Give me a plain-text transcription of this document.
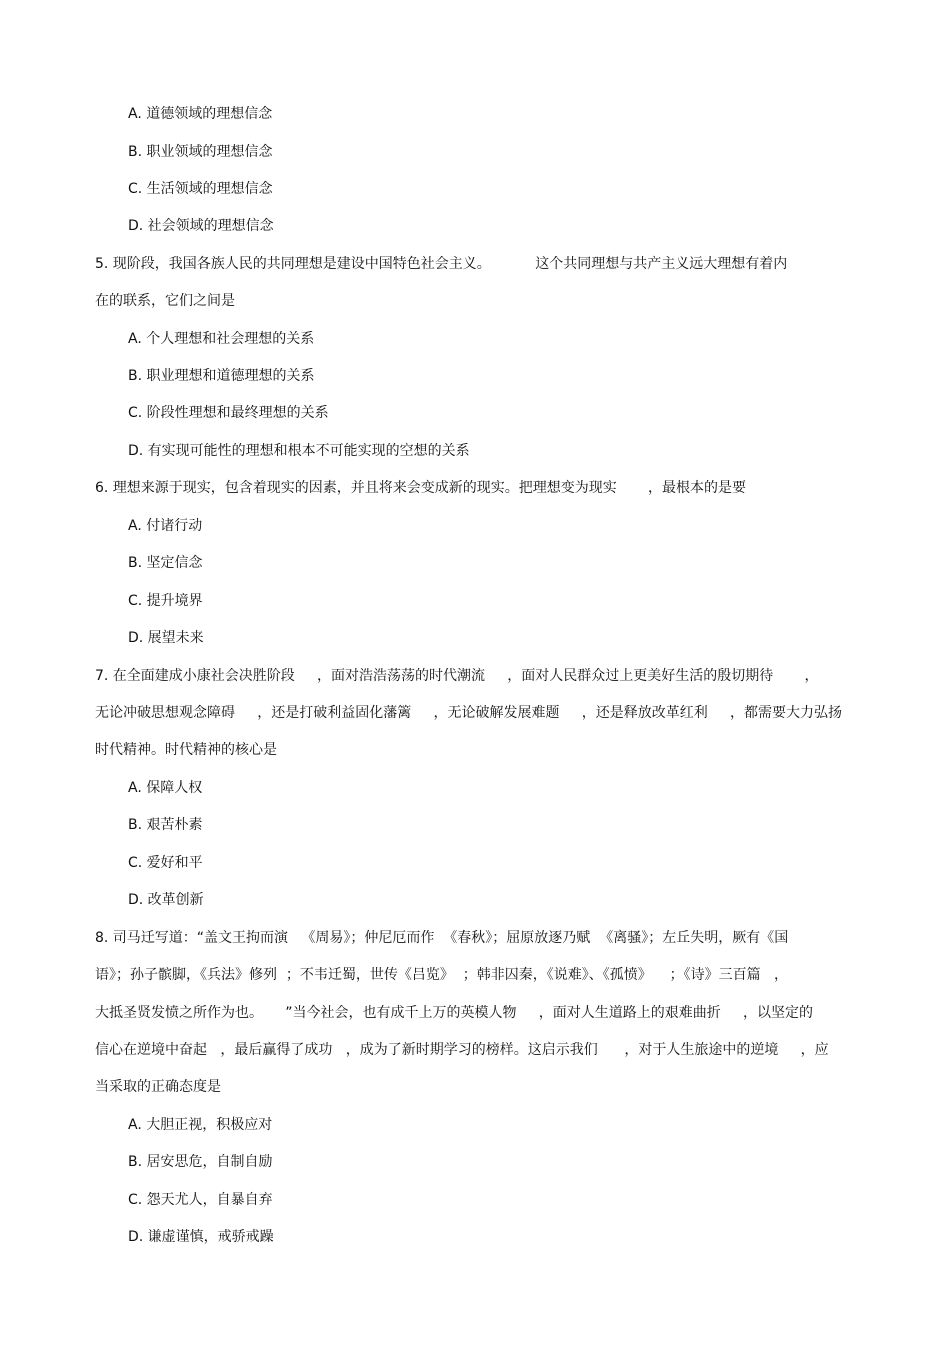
A. 道德领域的理想信念
B. 职业领域的理想信念
C. 生活领域的理想信念
D. 社会领域的理想信念
5. 现阶段，我国各族人民的共同理想是建设中国特色社会主义。          这个共同理想与共产主义远大理想有着内
在的联系，它们之间是
A. 个人理想和社会理想的关系
B. 职业理想和道德理想的关系
C. 阶段性理想和最终理想的关系
D. 有实现可能性的理想和根本不可能实现的空想的关系
6. 理想来源于现实，包含着现实的因素，并且将来会变成新的现实。把理想变为现实       ，最根本的是要
A. 付诸行动
B. 坚定信念
C. 提升境界
D. 展望未来
7. 在全面建成小康社会决胜阶段     ，面对浩浩荡荡的时代潮流     ，面对人民群众过上更美好生活的殷切期待       ，
无论冲破思想观念障碍     ，还是打破利益固化藩篱     ，无论破解发展难题     ，还是释放改革红利     ，都需要大力弘扬
时代精神。时代精神的核心是
A. 保障人权
B. 艰苦朴素
C. 爱好和平
D. 改革创新
8. 司马迁写道：“盖文王拘而演   《周易》；仲尼厄而作  《春秋》；屈原放逐乃赋  《离骚》；左丘失明，厥有《国
语》；孙子髌脚，《兵法》修列  ；不韦迁蜀，世传《吕览》  ；韩非囚秦，《说难》、《孤愤》    ；《诗》三百篇   ，
大抵圣贤发愤之所作为也。     ”当今社会，也有成千上万的英模人物     ，面对人生道路上的艰难曲折     ，以坚定的
信心在逆境中奋起   ，最后赢得了成功   ，成为了新时期学习的榜样。这启示我们      ，对于人生旅途中的逆境     ，应
当采取的正确态度是
A. 大胆正视，积极应对
B. 居安思危，自制自励
C. 怨天尤人，自暴自弃
D. 谦虚谨慎，戒骄戒躁
